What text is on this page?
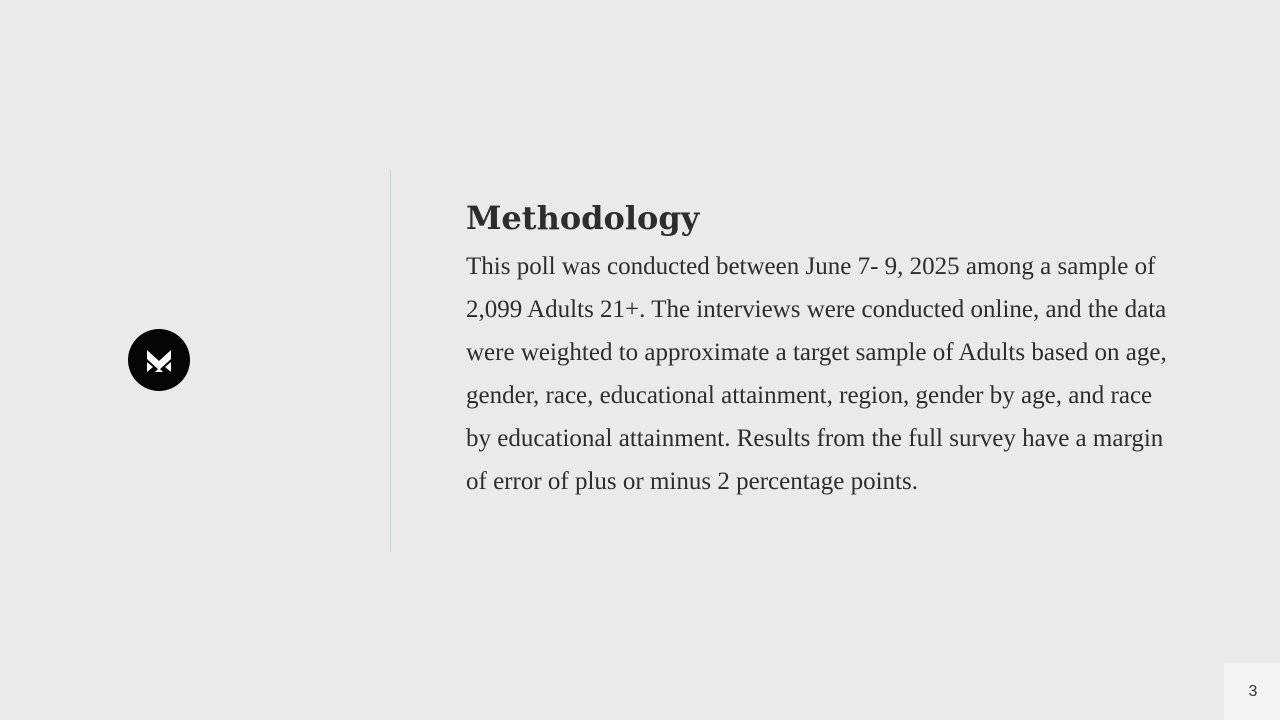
Methodology

This poll was conducted between June 7- 9, 2025 among a sample of 2,099 Adults 21+. The interviews were conducted online, and the data were weighted to approximate a target sample of Adults based on age, gender, race, educational attainment, region, gender by age, and race by educational attainment. Results from the full survey have a margin of error of plus or minus 2 percentage points.

3
